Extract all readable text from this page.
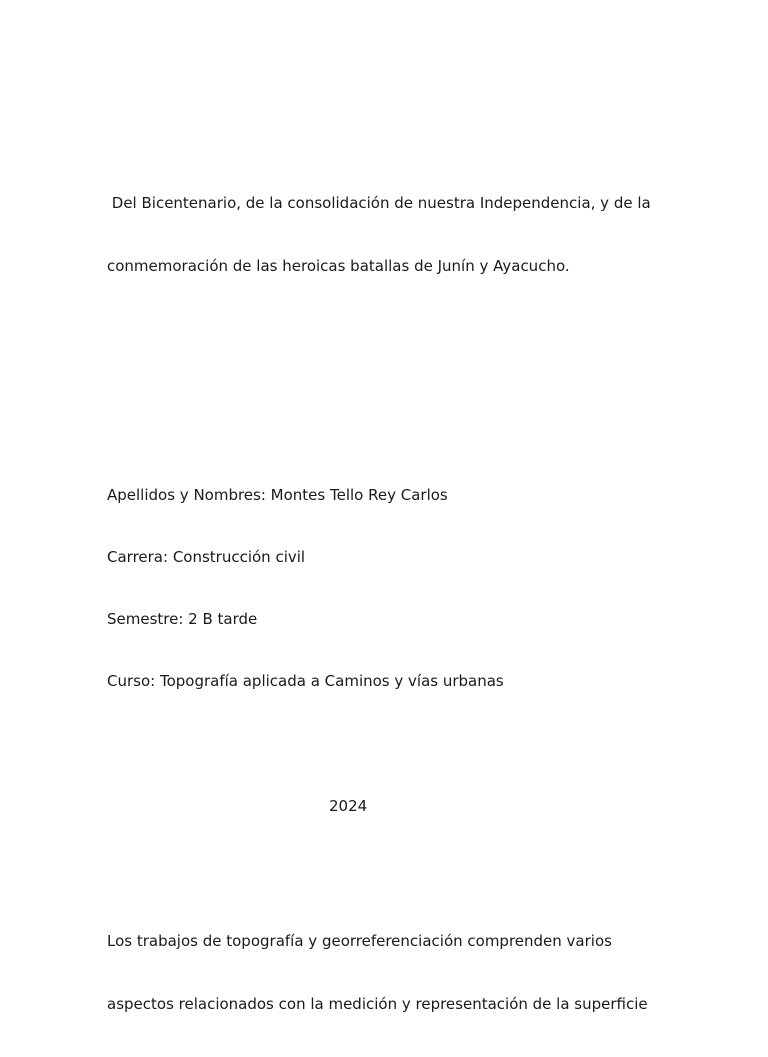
Del Bicentenario, de la consolidación de nuestra Independencia, y de la

conmemoración de las heroicas batallas de Junín y Ayacucho.

Apellidos y Nombres: Montes Tello Rey Carlos

Carrera: Construcción civil

Semestre: 2 B tarde

Curso: Topografía aplicada a Caminos y vías urbanas

2024

Los trabajos de topografía y georreferenciación comprenden varios

aspectos relacionados con la medición y representación de la superficie
